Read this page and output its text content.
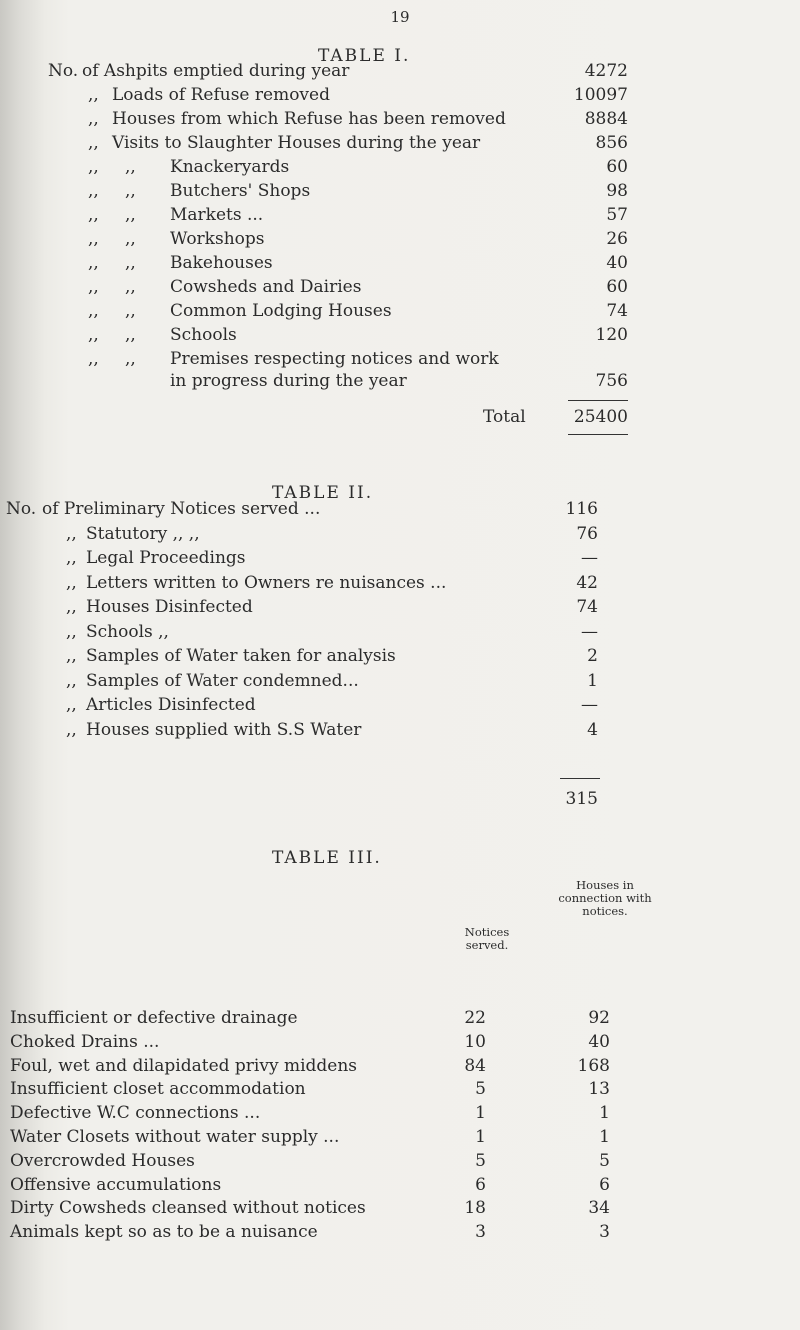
19
TABLE I.
No. of Ashpits emptied during year	4272
,, Loads of Refuse removed	10097
,, Houses from which Refuse has been removed	8884
,, Visits to Slaughter Houses during the year	856
,, ,, Knackeryards	60
,, ,, Butchers' Shops	98
,, ,, Markets ...	57
,, ,, Workshops	26
,, ,, Bakehouses	40
,, ,, Cowsheds and Dairies	60
,, ,, Common Lodging Houses	74
,, ,, Schools	120
,, ,, Premises respecting notices and work
in progress during the year	756
Total	25400
TABLE II.
No. of Preliminary Notices served ...	116
,, Statutory ,, ,,	76
,, Legal Proceedings	—
,, Letters written to Owners re nuisances ...	42
,, Houses Disinfected	74
,, Schools ,,	—
,, Samples of Water taken for analysis	2
,, Samples of Water condemned...	1
,, Articles Disinfected	—
,, Houses supplied with S.S Water	4
315
TABLE III.
Notices served.
Houses in connection with notices.
Insufficient or defective drainage	22	92
Choked Drains ...	10	40
Foul, wet and dilapidated privy middens	84	168
Insufficient closet accommodation	5	13
Defective W.C connections ...	1	1
Water Closets without water supply ...	1	1
Overcrowded Houses	5	5
Offensive accumulations	6	6
Dirty Cowsheds cleansed without notices	18	34
Animals kept so as to be a nuisance	3	3
